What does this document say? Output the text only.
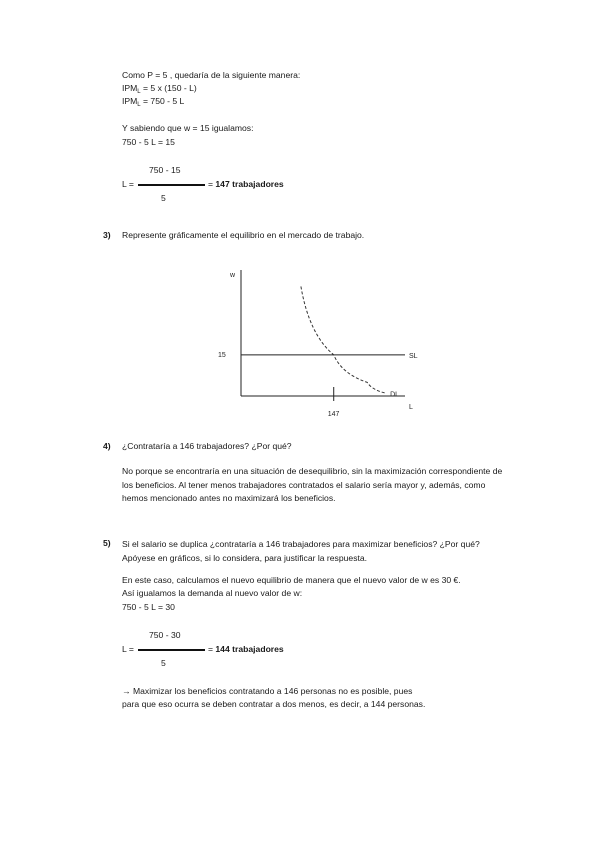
Como P = 5 , quedaría de la siguiente manera:
$IPM_L = 5$ x (150 - L)
$IPM_L = 750 - 5$ L
Y sabiendo que w = 15 igualamos:
750 - 5 L = 15
750 - 15
L =	= 147 trabajadores
5
3) Represente gráficamente el equilibrio en el mercado de trabajo.
w
L
SL
DL
15
147
4) ¿Contrataría a 146 trabajadores? ¿Por qué?
No porque se encontraría en una situación de desequilibrio, sin la maximización correspondiente de los beneficios. Al tener menos trabajadores contratados el salario sería mayor y, además, como hemos mencionado antes no maximizará los beneficios.
5) Si el salario se duplica ¿contrataría a 146 trabajadores para maximizar beneficios? ¿Por qué? Apóyese en gráficos, si lo considera, para justificar la respuesta.
En este caso, calculamos el nuevo equilibrio de manera que el nuevo valor de w es 30 €.
Así igualamos la demanda al nuevo valor de w:
750 - 5 L = 30
750 - 30
L =	= 144 trabajadores
5
→ Maximizar los beneficios contratando a 146 personas no es posible, pues
para que eso ocurra se deben contratar a dos menos, es decir, a 144 personas.
